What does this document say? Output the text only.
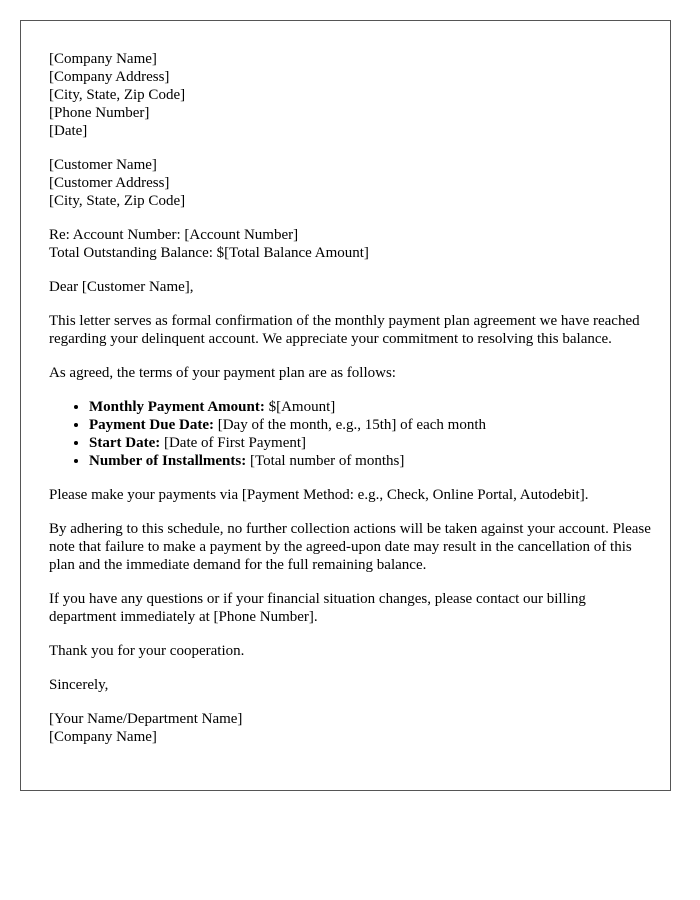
[Company Name]
[Company Address]
[City, State, Zip Code]
[Phone Number]
[Date]
[Customer Name]
[Customer Address]
[City, State, Zip Code]
Re: Account Number: [Account Number]
Total Outstanding Balance: $[Total Balance Amount]

Dear [Customer Name],

This letter serves as formal confirmation of the monthly payment plan agreement we have reached regarding your delinquent account. We appreciate your commitment to resolving this balance.

As agreed, the terms of your payment plan are as follows:

• Monthly Payment Amount: $[Amount]
• Payment Due Date: [Day of the month, e.g., 15th] of each month
• Start Date: [Date of First Payment]
• Number of Installments: [Total number of months]

Please make your payments via [Payment Method: e.g., Check, Online Portal, Autodebit].

By adhering to this schedule, no further collection actions will be taken against your account. Please note that failure to make a payment by the agreed-upon date may result in the cancellation of this plan and the immediate demand for the full remaining balance.

If you have any questions or if your financial situation changes, please contact our billing department immediately at [Phone Number].

Thank you for your cooperation.

Sincerely,

[Your Name/Department Name]
[Company Name]
